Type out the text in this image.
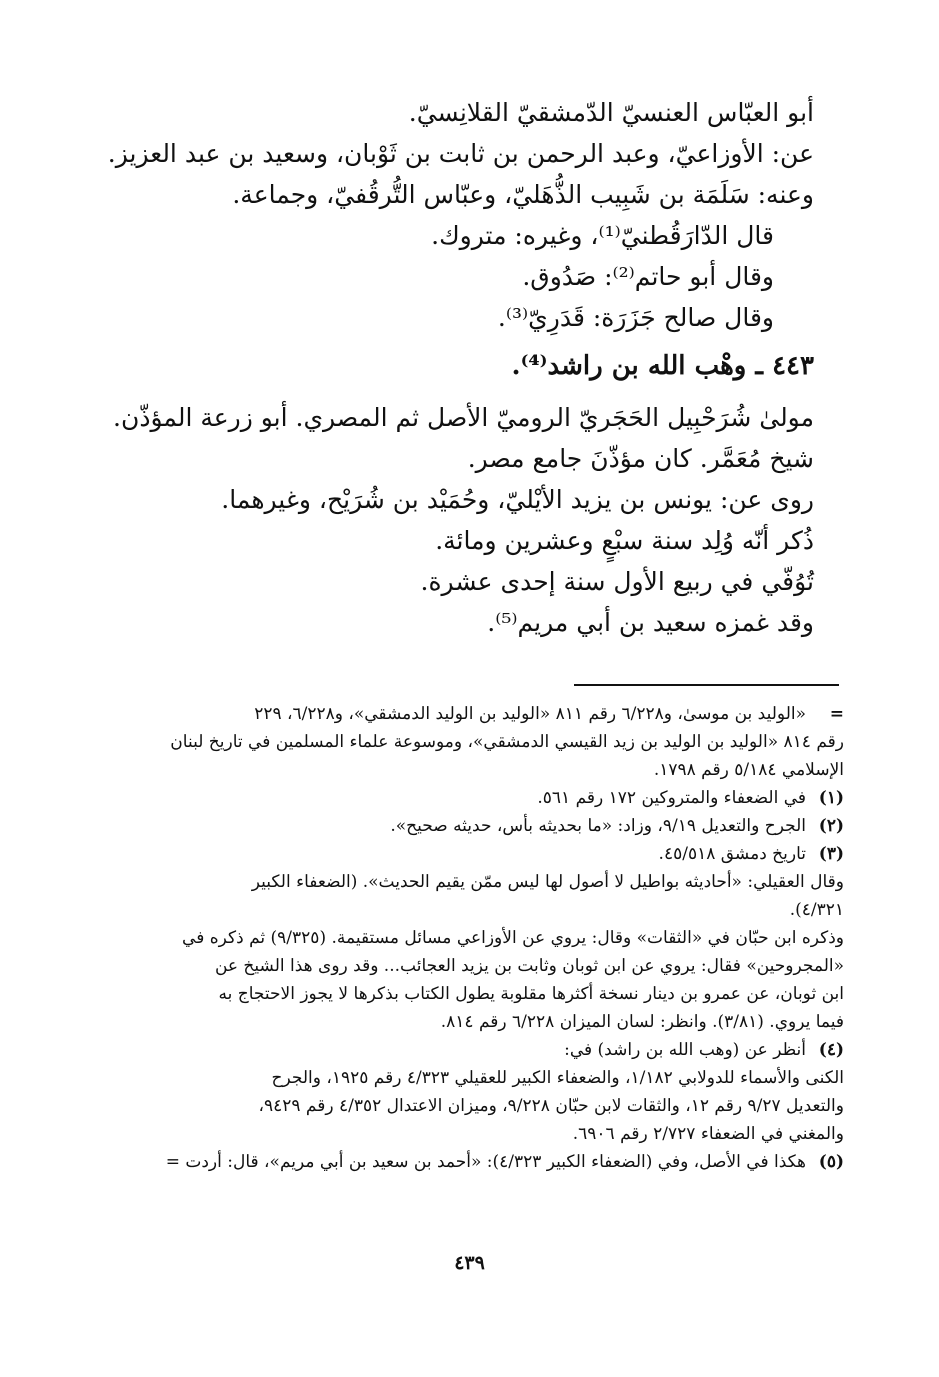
أبو العبّاس العنسيّ الدّمشقيّ القلانِسيّ.
عن: الأوزاعيّ، وعبد الرحمن بن ثابت بن ثَوْبان، وسعيد بن عبد العزيز.
وعنه: سَلَمَة بن شَبِيب الذُّهَليّ، وعبّاس التُّرقُفيّ، وجماعة.
قال الدّارَقُطنيّ⁽¹⁾، وغيره: متروك.
وقال أبو حاتم⁽²⁾: صَدُوق.
وقال صالح جَزَرَة: قَدَرِيّ⁽³⁾.
٤٤٣ ـ وهْب الله بن راشد⁽⁴⁾.
مولىٰ شُرَحْبِيل الحَجَريّ الروميّ الأصل ثم المصري. أبو زرعة المؤذّن.
شيخ مُعَمَّر. كان مؤذّنَ جامع مصر.
روى عن: يونس بن يزيد الأيْليّ، وحُمَيْد بن شُرَيْح، وغيرهما.
ذُكر أنّه وُلِد سنة سبْعٍ وعشرين ومائة.
تُوُفّي في ربيع الأول سنة إحدى عشرة.
وقد غمزه سعيد بن أبي مريم⁽⁵⁾.
=
«الوليد بن موسىٰ، و٦/٢٢٨ رقم ٨١١ «الوليد بن الوليد الدمشقي»، و٦/٢٢٨، ٢٢٩
رقم ٨١٤ «الوليد بن الوليد بن زيد القيسي الدمشقي»، وموسوعة علماء المسلمين في تاريخ لبنان
الإسلامي ٥/١٨٤ رقم ١٧٩٨.
(١)
في الضعفاء والمتروكين ١٧٢ رقم ٥٦١.
(٢)
الجرح والتعديل ٩/١٩، وزاد: «ما بحديثه بأس، حديثه صحيح».
(٣)
تاريخ دمشق ٤٥/٥١٨.
وقال العقيلي: «أحاديثه بواطيل لا أصول لها ليس ممّن يقيم الحديث». (الضعفاء الكبير
٤/٣٢١).
وذكره ابن حبّان في «الثقات» وقال: يروي عن الأوزاعي مسائل مستقيمة. (٩/٣٢٥) ثم ذكره في
«المجروحين» فقال: يروي عن ابن ثوبان وثابت بن يزيد العجائب... وقد روى هذا الشيخ عن
ابن ثوبان، عن عمرو بن دينار نسخة أكثرها مقلوبة يطول الكتاب بذكرها لا يجوز الاحتجاج به
فيما يروي. (٣/٨١). وانظر: لسان الميزان ٦/٢٢٨ رقم ٨١٤.
(٤)
أنظر عن (وهب الله بن راشد) في:
الكنى والأسماء للدولابي ١/١٨٢، والضعفاء الكبير للعقيلي ٤/٣٢٣ رقم ١٩٢٥، والجرح
والتعديل ٩/٢٧ رقم ١٢، والثقات لابن حبّان ٩/٢٢٨، وميزان الاعتدال ٤/٣٥٢ رقم ٩٤٢٩،
والمغني في الضعفاء ٢/٧٢٧ رقم ٦٩٠٦.
(٥)
هكذا في الأصل، وفي (الضعفاء الكبير ٤/٣٢٣): «أحمد بن سعيد بن أبي مريم»، قال: أردت =
٤٣٩
